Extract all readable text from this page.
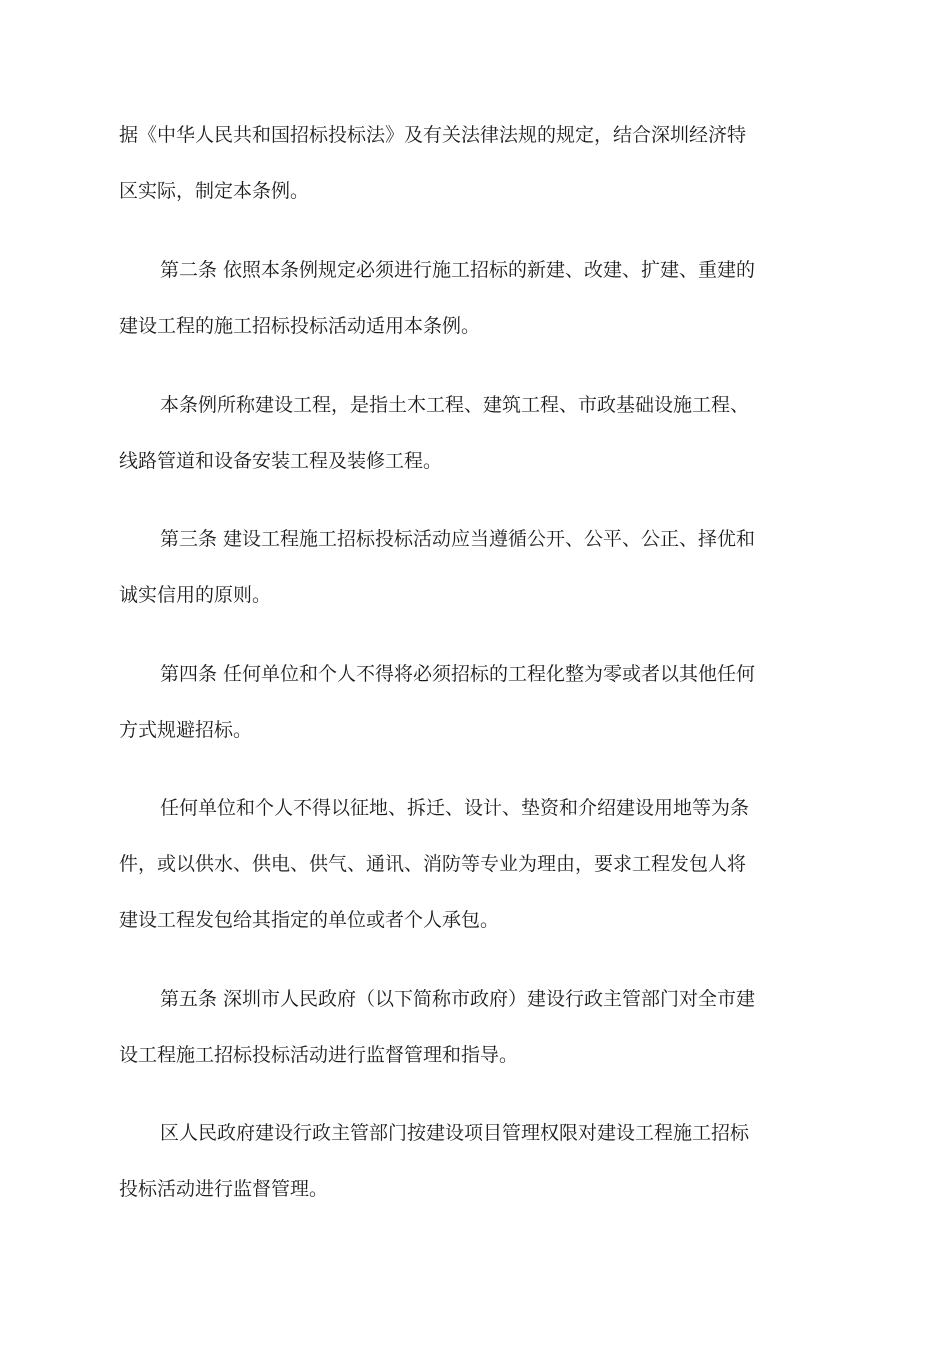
据《中华人民共和国招标投标法》及有关法律法规的规定，结合深圳经济特
区实际，制定本条例。
第二条 依照本条例规定必须进行施工招标的新建、改建、扩建、重建的
建设工程的施工招标投标活动适用本条例。
本条例所称建设工程，是指土木工程、建筑工程、市政基础设施工程、
线路管道和设备安装工程及装修工程。
第三条 建设工程施工招标投标活动应当遵循公开、公平、公正、择优和
诚实信用的原则。
第四条 任何单位和个人不得将必须招标的工程化整为零或者以其他任何
方式规避招标。
任何单位和个人不得以征地、拆迁、设计、垫资和介绍建设用地等为条
件，或以供水、供电、供气、通讯、消防等专业为理由，要求工程发包人将
建设工程发包给其指定的单位或者个人承包。
第五条 深圳市人民政府（以下简称市政府）建设行政主管部门对全市建
设工程施工招标投标活动进行监督管理和指导。
区人民政府建设行政主管部门按建设项目管理权限对建设工程施工招标
投标活动进行监督管理。
